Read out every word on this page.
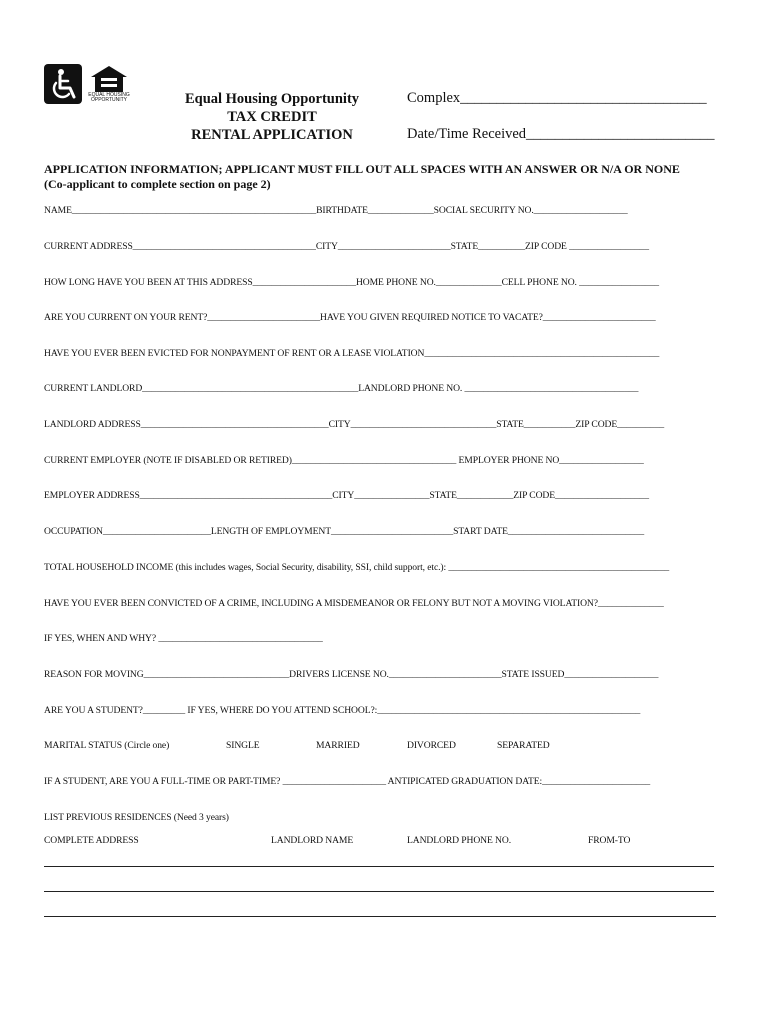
EQUAL HOUSING
OPPORTUNITY	Equal Housing Opportunity
TAX CREDIT
RENTAL APPLICATION
Complex__________________________________
Date/Time Received__________________________
APPLICATION INFORMATION; APPLICANT MUST FILL OUT ALL SPACES WITH AN ANSWER OR N/A OR NONE
(Co-applicant to complete section on page 2)
NAME____________________________________________________BIRTHDATE______________SOCIAL SECURITY NO.____________________
CURRENT ADDRESS_______________________________________CITY________________________STATE__________ZIP CODE _________________
HOW LONG HAVE YOU BEEN AT THIS ADDRESS______________________HOME PHONE NO.______________CELL PHONE NO. _________________
ARE YOU CURRENT ON YOUR RENT?________________________HAVE YOU GIVEN REQUIRED NOTICE TO VACATE?________________________
HAVE YOU EVER BEEN EVICTED FOR NONPAYMENT OF RENT OR A LEASE VIOLATION__________________________________________________
CURRENT LANDLORD______________________________________________LANDLORD PHONE NO. _____________________________________
LANDLORD ADDRESS________________________________________CITY_______________________________STATE___________ZIP CODE__________
CURRENT EMPLOYER (NOTE IF DISABLED OR RETIRED)___________________________________ EMPLOYER PHONE NO__________________
EMPLOYER ADDRESS_________________________________________CITY________________STATE____________ZIP CODE____________________
OCCUPATION_______________________LENGTH OF EMPLOYMENT__________________________START DATE_____________________________
TOTAL HOUSEHOLD INCOME (this includes wages, Social Security, disability, SSI, child support, etc.): _______________________________________________
HAVE YOU EVER BEEN CONVICTED OF A CRIME, INCLUDING A MISDEMEANOR OR FELONY BUT NOT A MOVING VIOLATION?______________
IF YES, WHEN AND WHY? ___________________________________
REASON FOR MOVING_______________________________DRIVERS LICENSE NO.________________________STATE ISSUED____________________
ARE YOU A STUDENT?_________ IF YES, WHERE DO YOU ATTEND SCHOOL?:________________________________________________________
MARITAL STATUS (Circle one)	SINGLE	MARRIED	DIVORCED	SEPARATED
IF A STUDENT, ARE YOU A FULL-TIME OR PART-TIME? ______________________ ANTIPICATED GRADUATION DATE:_______________________
LIST PREVIOUS RESIDENCES (Need 3 years)
COMPLETE ADDRESS	LANDLORD NAME	LANDLORD PHONE NO.	FROM-TO
